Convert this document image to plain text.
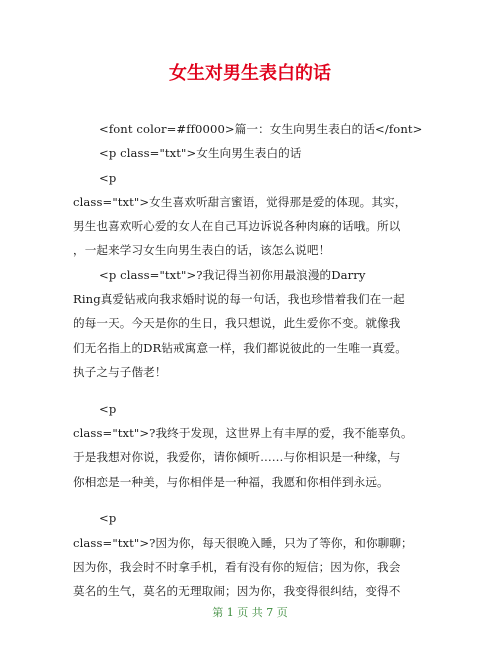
女生对男生表白的话
<font color=#ff0000>篇一：女生向男生表白的话</font>
<p class="txt">女生向男生表白的话
<p
class="txt">女生喜欢听甜言蜜语，觉得那是爱的体现。其实，
男生也喜欢听心爱的女人在自己耳边诉说各种肉麻的话哦。所以
，一起来学习女生向男生表白的话，该怎么说吧！
<p class="txt">?我记得当初你用最浪漫的Darry
Ring真爱钻戒向我求婚时说的每一句话，我也珍惜着我们在一起
的每一天。今天是你的生日，我只想说，此生爱你不变。就像我
们无名指上的DR钻戒寓意一样，我们都说彼此的一生唯一真爱。
执子之与子偕老！
<p
class="txt">?我终于发现，这世界上有丰厚的爱，我不能辜负。
于是我想对你说，我爱你，请你倾听……与你相识是一种缘，与
你相恋是一种美，与你相伴是一种福，我愿和你相伴到永远。
<p
class="txt">?因为你，每天很晚入睡，只为了等你，和你聊聊；
因为你，我会时不时拿手机，看有没有你的短信；因为你，我会
莫名的生气，莫名的无理取闹；因为你，我变得很纠结，变得不
第 1 页 共 7 页
